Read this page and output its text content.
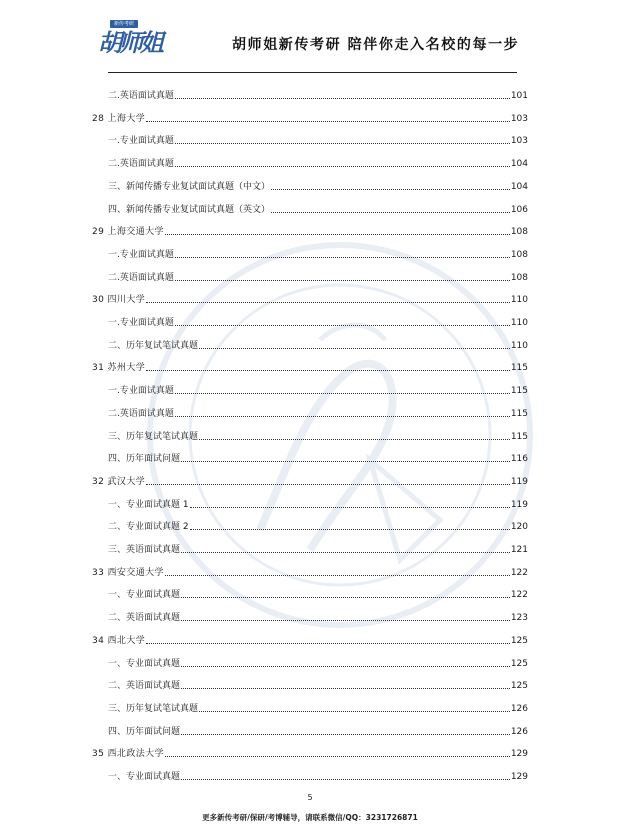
新传考研
胡师姐	胡师姐新传考研 陪伴你走入名校的每一步
二.英语面试真题	101
28 上海大学	103
一.专业面试真题	103
二.英语面试真题	104
三、新闻传播专业复试面试真题（中文）	104
四、新闻传播专业复试面试真题（英文）	106
29 上海交通大学	108
一.专业面试真题	108
二.英语面试真题	108
30 四川大学	110
一.专业面试真题	110
二、历年复试笔试真题	110
31 苏州大学	115
一.专业面试真题	115
二.英语面试真题	115
三、历年复试笔试真题	115
四、历年面试问题	116
32 武汉大学	119
一、专业面试真题 1	119
二、专业面试真题 2	120
三、英语面试真题	121
33 西安交通大学	122
一、专业面试真题	122
二、英语面试真题	123
34 西北大学	125
一、专业面试真题	125
二、英语面试真题	125
三、历年复试笔试真题	126
四、历年面试问题	126
35 西北政法大学	129
一、专业面试真题	129
5
更多新传考研/保研/考博辅导，请联系微信/QQ：3231726871
